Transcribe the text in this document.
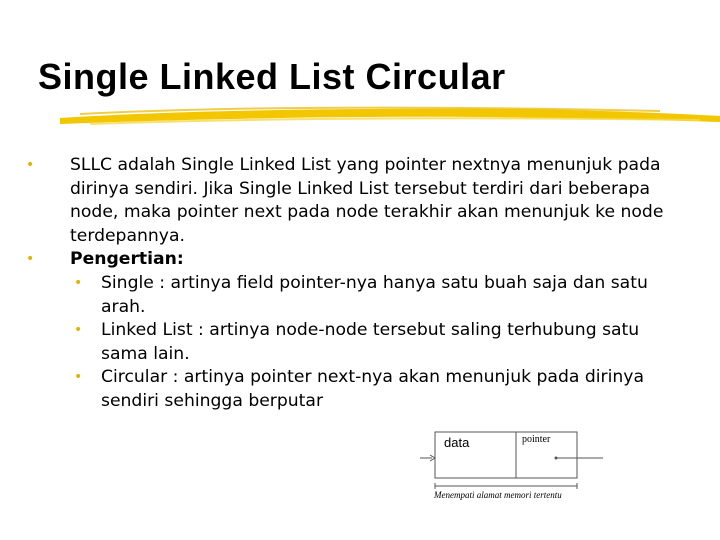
Single Linked List Circular
• SLLC adalah Single Linked List yang pointer nextnya menunjuk pada dirinya sendiri. Jika Single Linked List tersebut terdiri dari beberapa node, maka pointer next pada node terakhir akan menunjuk ke node terdepannya.
• Pengertian:
• Single : artinya field pointer-nya hanya satu buah saja dan satu
arah.
• Linked List : artinya node-node tersebut saling terhubung satu
sama lain.
• Circular : artinya pointer next-nya akan menunjuk pada dirinya
sendiri sehingga berputar
data	pointer
Menempati alamat memori tertentu
